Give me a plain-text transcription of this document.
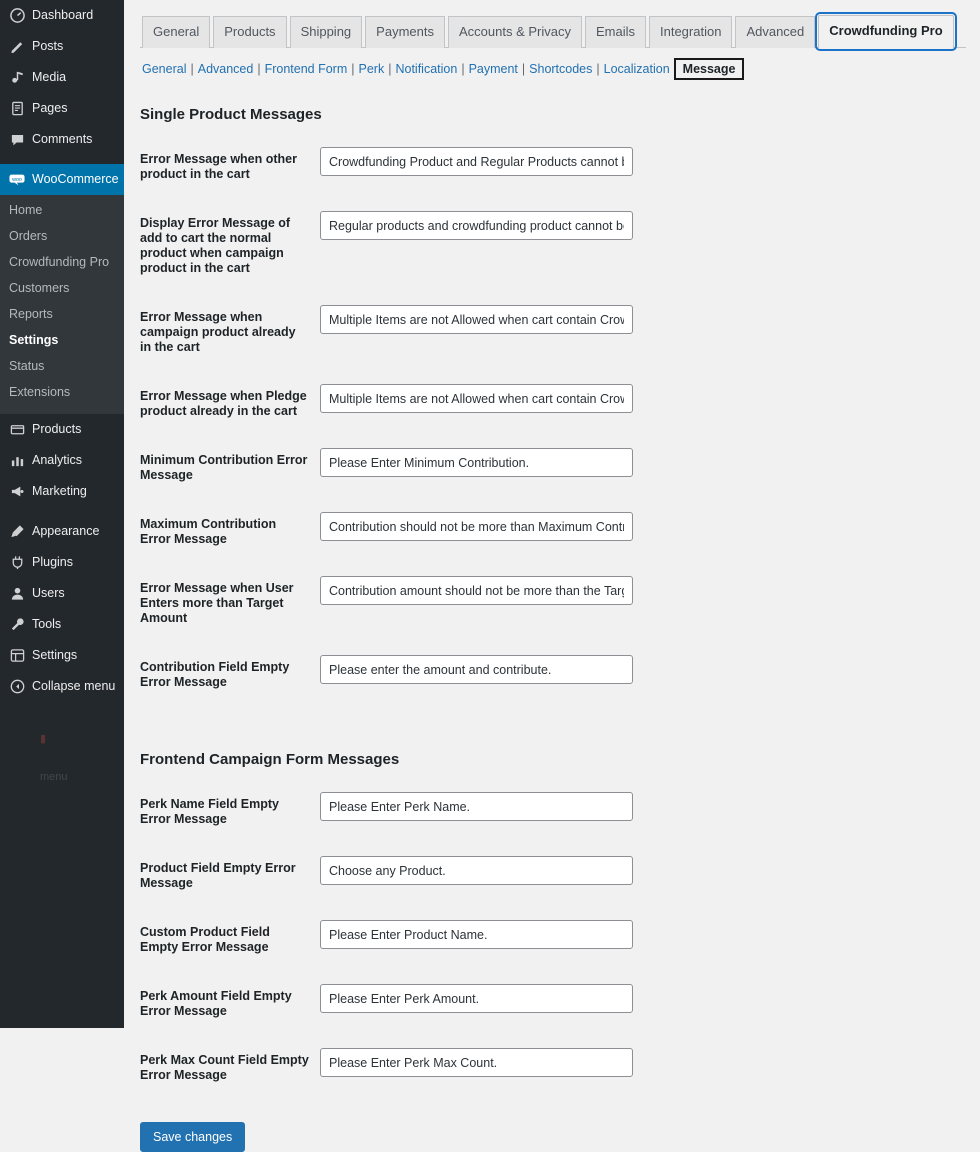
Dashboard
Posts
Media
Pages
Comments
woo WooCommerce
Home
Orders
Crowdfunding Pro
Customers
Reports
Settings
Status
Extensions
Products
Analytics
Marketing
Appearance
Plugins
Users
Tools
Settings
Collapse menu
▮
menu
General	Products	Shipping	Payments	Accounts & Privacy	Emails	Integration	Advanced	Crowdfunding Pro
General | Advanced | Frontend Form | Perk | Notification | Payment | Shortcodes | Localization	Message
Single Product Messages
Error Message when other product in the cart	Crowdfunding Product and Regular Products cannot be purch
Display Error Message of add to cart the normal product when campaign product in the cart	Regular products and crowdfunding product cannot be purcha
Error Message when campaign product already in the cart	Multiple Items are not Allowed when cart contain CrowdFundi
Error Message when Pledge product already in the cart	Multiple Items are not Allowed when cart contain CrowdFundi
Minimum Contribution Error Message	Please Enter Minimum Contribution.
Maximum Contribution Error Message	Contribution should not be more than Maximum Contribution.
Error Message when User Enters more than Target Amount	Contribution amount should not be more than the Target Price
Contribution Field Empty Error Message	Please enter the amount and contribute.
Frontend Campaign Form Messages
Perk Name Field Empty Error Message	Please Enter Perk Name.
Product Field Empty Error Message	Choose any Product.
Custom Product Field Empty Error Message	Please Enter Product Name.
Perk Amount Field Empty Error Message	Please Enter Perk Amount.
Perk Max Count Field Empty Error Message	Please Enter Perk Max Count.

Save changes
